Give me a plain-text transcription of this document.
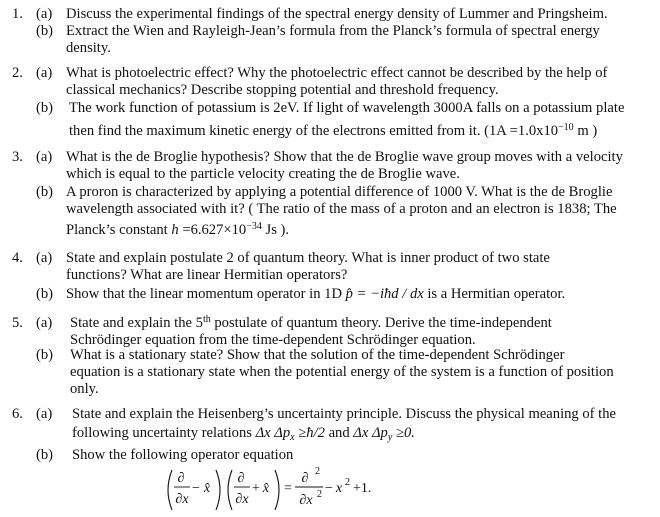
1. (a) Discuss the experimental findings of the spectral energy density of Lummer and Pringsheim.
(b) Extract the Wien and Rayleigh-Jean’s formula from the Planck’s formula of spectral energy
density.
2. (a) What is photoelectric effect? Why the photoelectric effect cannot be described by the help of
classical mechanics? Describe stopping potential and threshold frequency.
(b) The work function of potassium is 2eV. If light of wavelength 3000A falls on a potassium plate
then find the maximum kinetic energy of the electrons emitted from it. ($1A =1.0x10^{-10}$ m )
3. (a) What is the de Broglie hypothesis? Show that the de Broglie wave group moves with a velocity
which is equal to the particle velocity creating the de Broglie wave.
(b) A proron is characterized by applying a potential difference of 1000 V. What is the de Broglie
wavelength associated with it? ( The ratio of the mass of a proton and an electron is 1838; The
Planck’s constant $h =6.627\times 10^{-34}$ Js ).
4. (a) State and explain postulate 2 of quantum theory. What is inner product of two state
functions? What are linear Hermitian operators?
(b) Show that the linear momentum operator in 1D p̂ = −iħd / dx is a Hermitian operator.
5. (a) State and explain the 5th postulate of quantum theory. Derive the time-independent
Schrödinger equation from the time-dependent Schrödinger equation.
(b) What is a stationary state? Show that the solution of the time-dependent Schrödinger
equation is a stationary state when the potential energy of the system is a function of position
only.
6. (a) State and explain the Heisenberg’s uncertainty principle. Discuss the physical meaning of the
following uncertainty relations Δx $\Delta p_x$ ≥ħ/2 and Δx $\Delta p_y \ge 0$.
(b) Show the following operator equation
∂
∂x
− x̂
∂
∂x
+ x̂ =
∂ 2
∂x 2 − x 2 +1.
